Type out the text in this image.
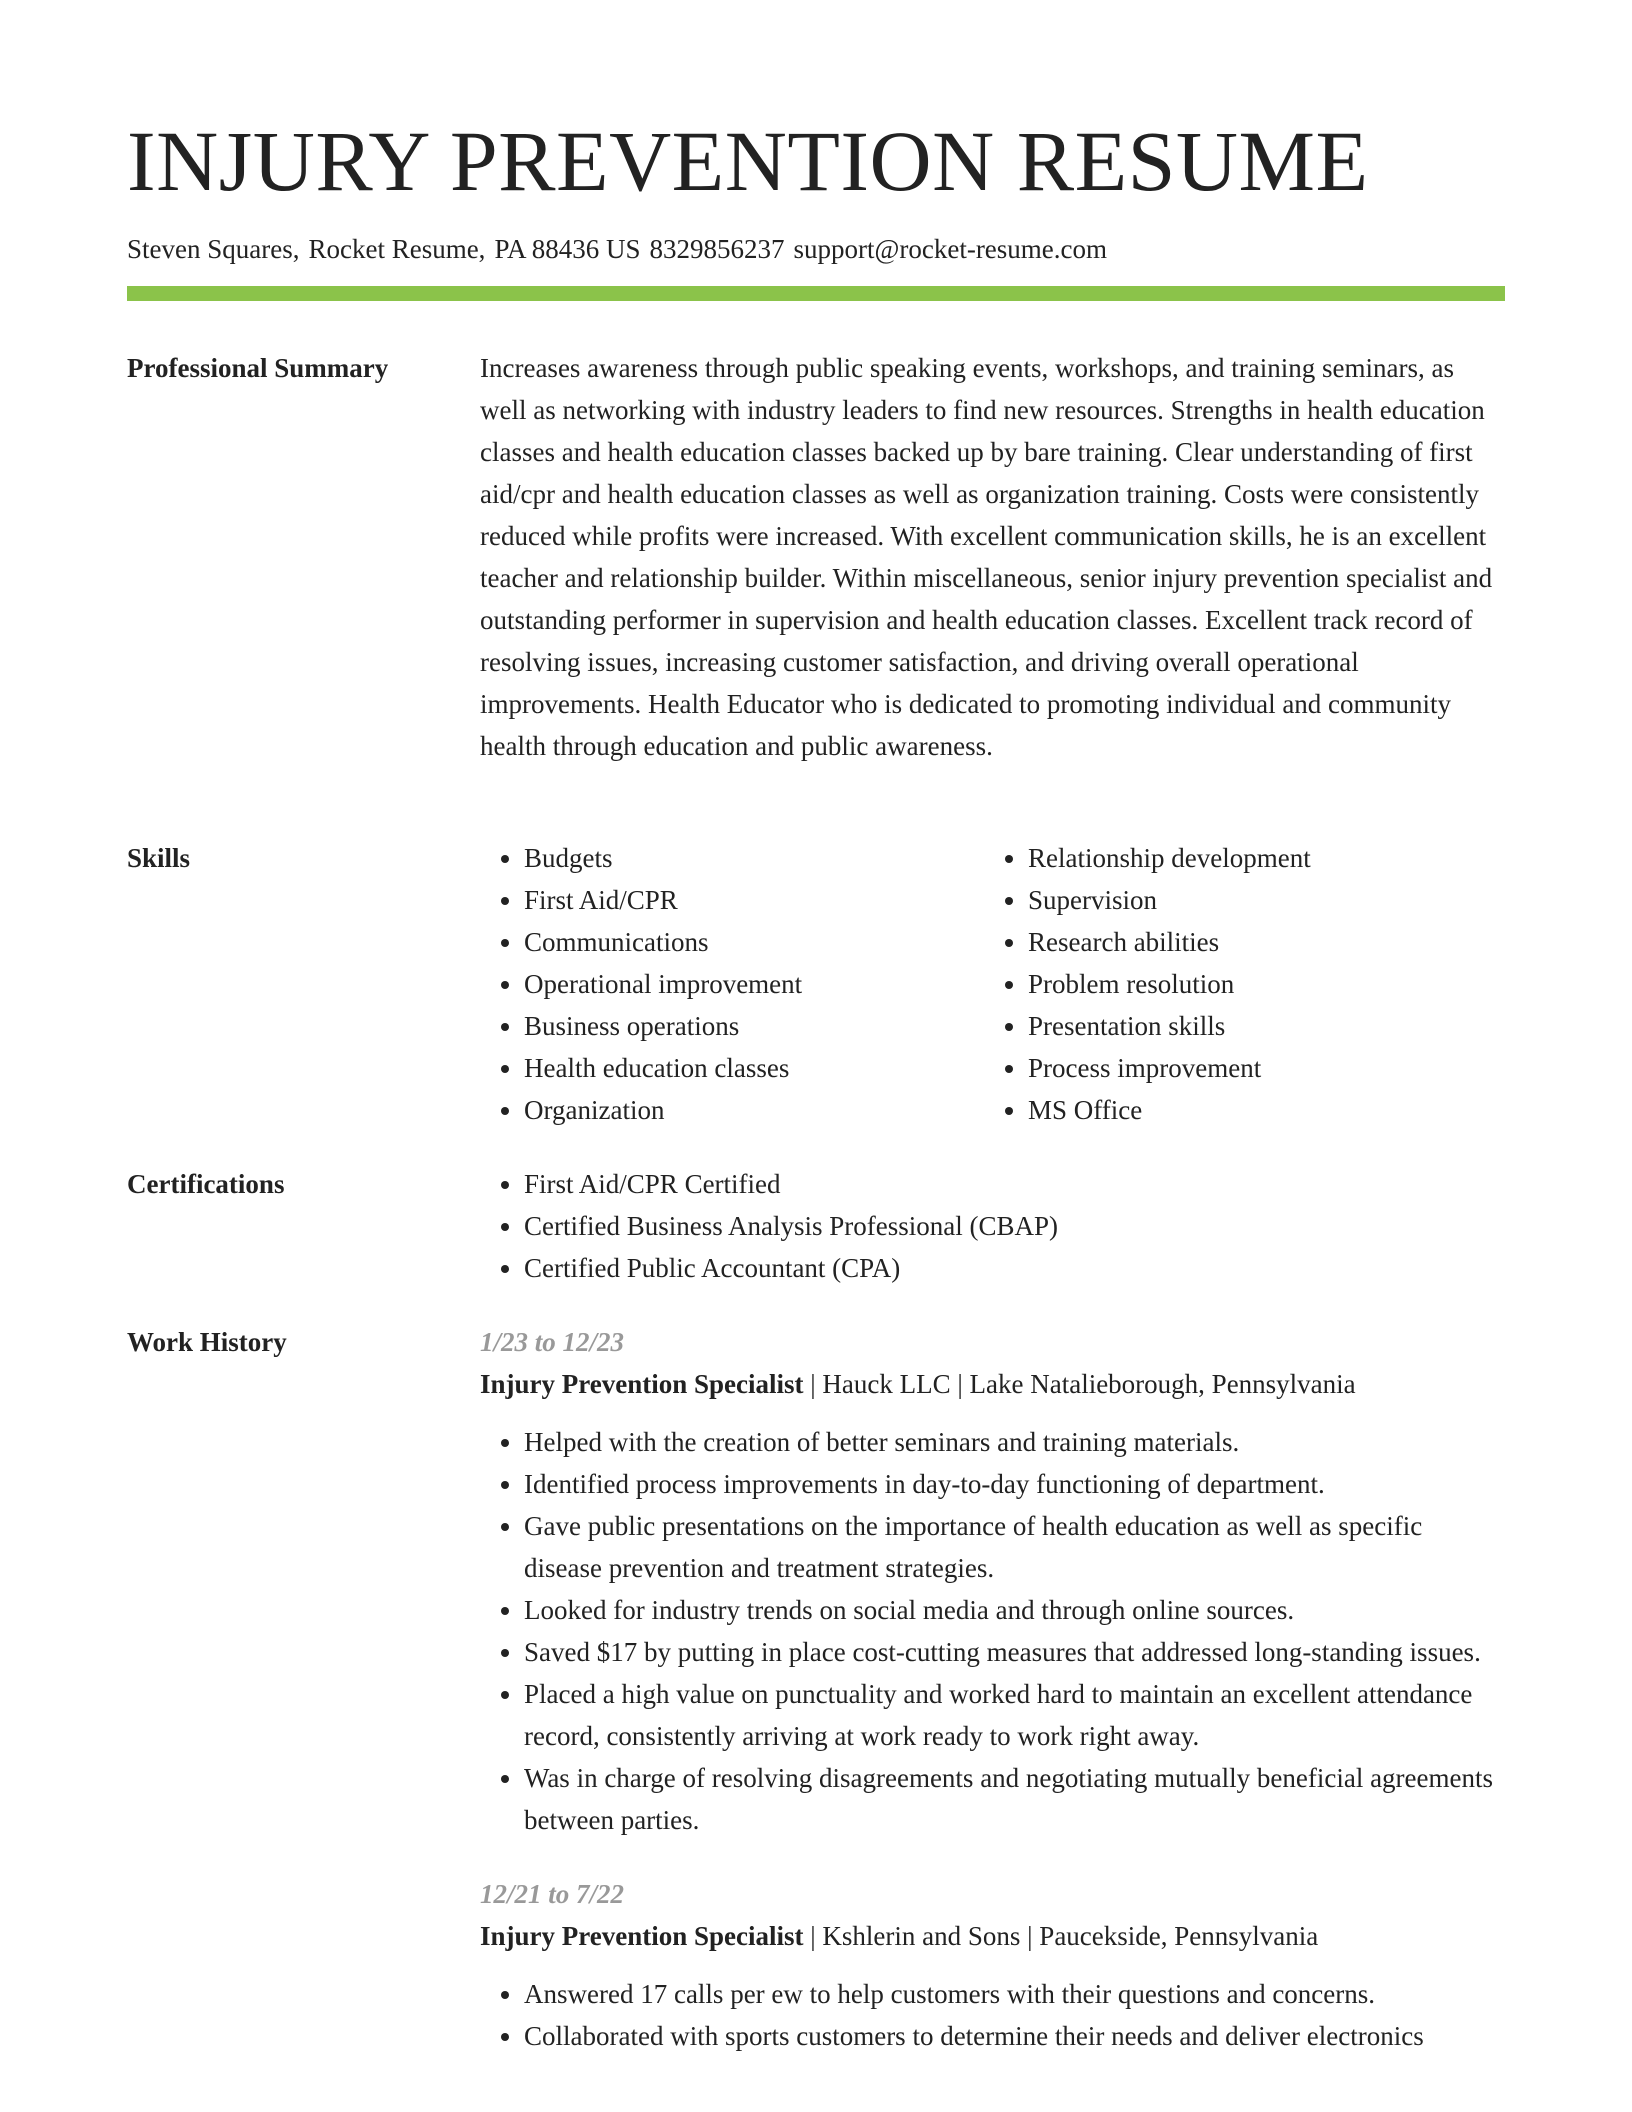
INJURY PREVENTION RESUME
Steven Squares, Rocket Resume, PA 88436 US 8329856237 support@rocket-resume.com
Professional Summary	Increases awareness through public speaking events, workshops, and training seminars, as well as networking with industry leaders to find new resources. Strengths in health education classes and health education classes backed up by bare training. Clear understanding of first aid/cpr and health education classes as well as organization training. Costs were consistently reduced while profits were increased. With excellent communication skills, he is an excellent teacher and relationship builder. Within miscellaneous, senior injury prevention specialist and outstanding performer in supervision and health education classes. Excellent track record of resolving issues, increasing customer satisfaction, and driving overall operational improvements. Health Educator who is dedicated to promoting individual and community health through education and public awareness.

Skills	• Budgets
• First Aid/CPR
• Communications
• Operational improvement
• Business operations
• Health education classes
• Organization
• Relationship development
• Supervision
• Research abilities
• Problem resolution
• Presentation skills
• Process improvement
• MS Office
Certifications	• First Aid/CPR Certified
• Certified Business Analysis Professional (CBAP)
• Certified Public Accountant (CPA)
Work History	1/23 to 12/23
Injury Prevention Specialist | Hauck LLC | Lake Natalieborough, Pennsylvania
• Helped with the creation of better seminars and training materials.
• Identified process improvements in day-to-day functioning of department.
• Gave public presentations on the importance of health education as well as specific disease prevention and treatment strategies.
• Looked for industry trends on social media and through online sources.
• Saved $17 by putting in place cost-cutting measures that addressed long-standing issues.
• Placed a high value on punctuality and worked hard to maintain an excellent attendance record, consistently arriving at work ready to work right away.
• Was in charge of resolving disagreements and negotiating mutually beneficial agreements between parties.
12/21 to 7/22
Injury Prevention Specialist | Kshlerin and Sons | Paucekside, Pennsylvania
• Answered 17 calls per ew to help customers with their questions and concerns.
• Collaborated with sports customers to determine their needs and deliver electronics
